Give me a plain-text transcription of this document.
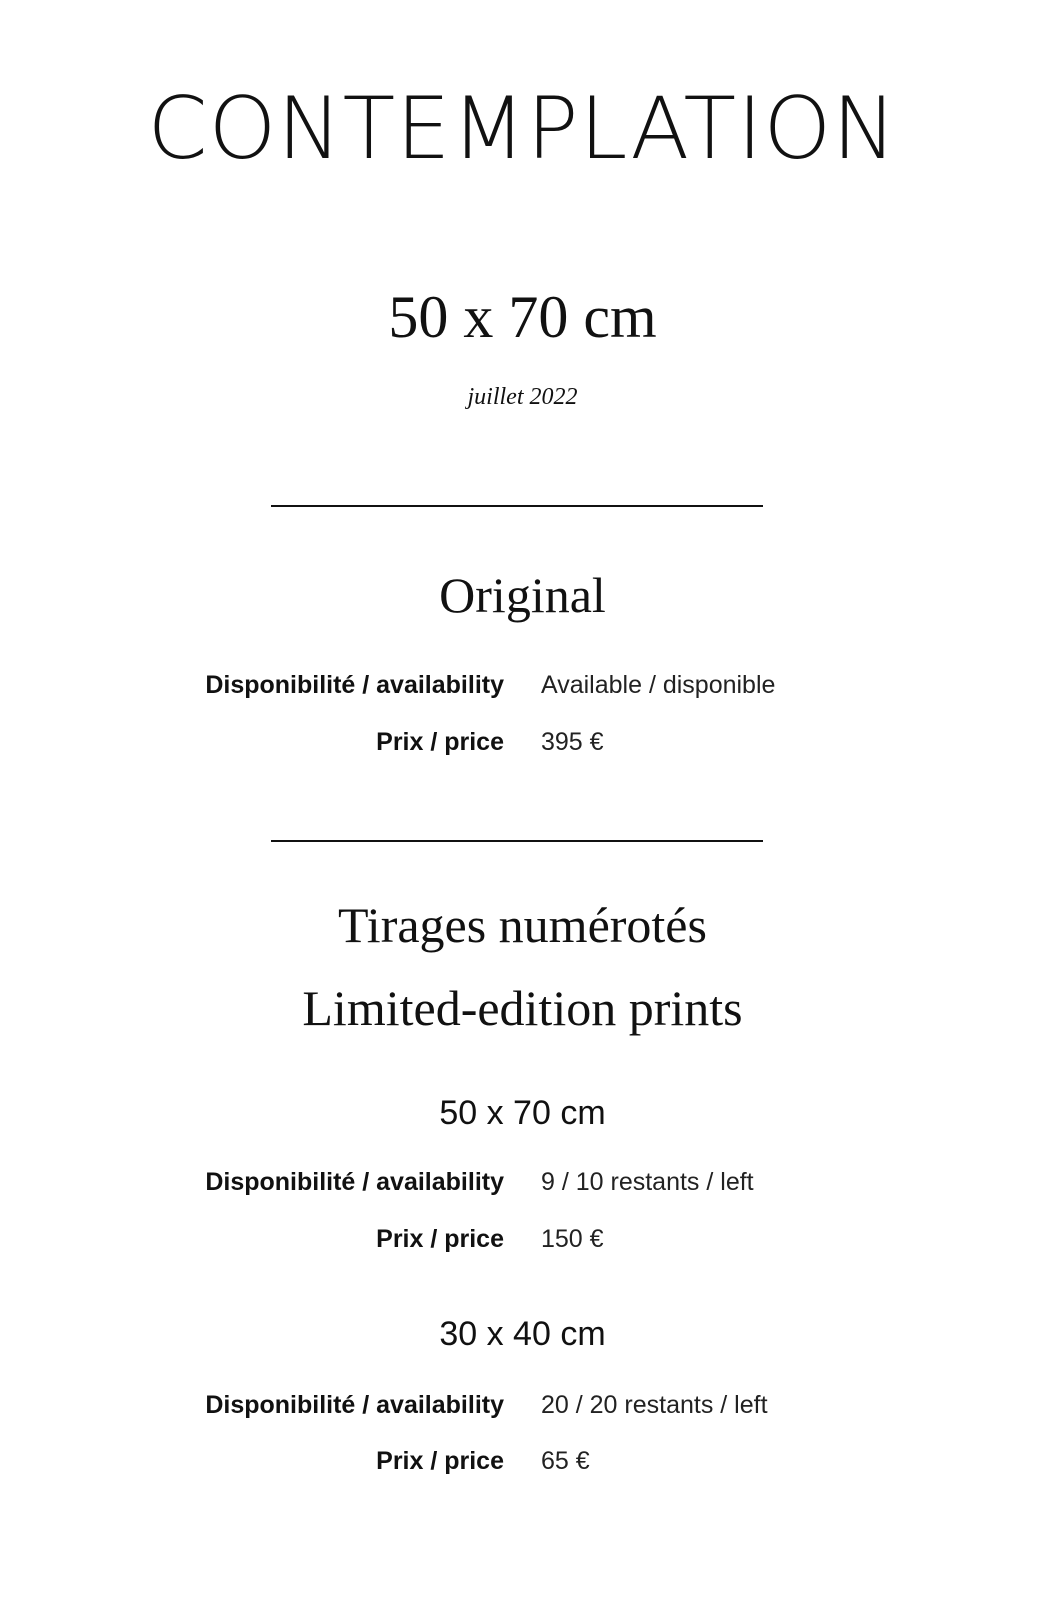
CONTEMPLATION
50 x 70 cm
juillet 2022
Original
Disponibilité / availability Available / disponible
Prix / price 395 €
Tirages numérotés
Limited-edition prints
50 x 70 cm
Disponibilité / availability 9 / 10 restants / left
Prix / price 150 €
30 x 40 cm
Disponibilité / availability 20 / 20 restants / left
Prix / price 65 €
